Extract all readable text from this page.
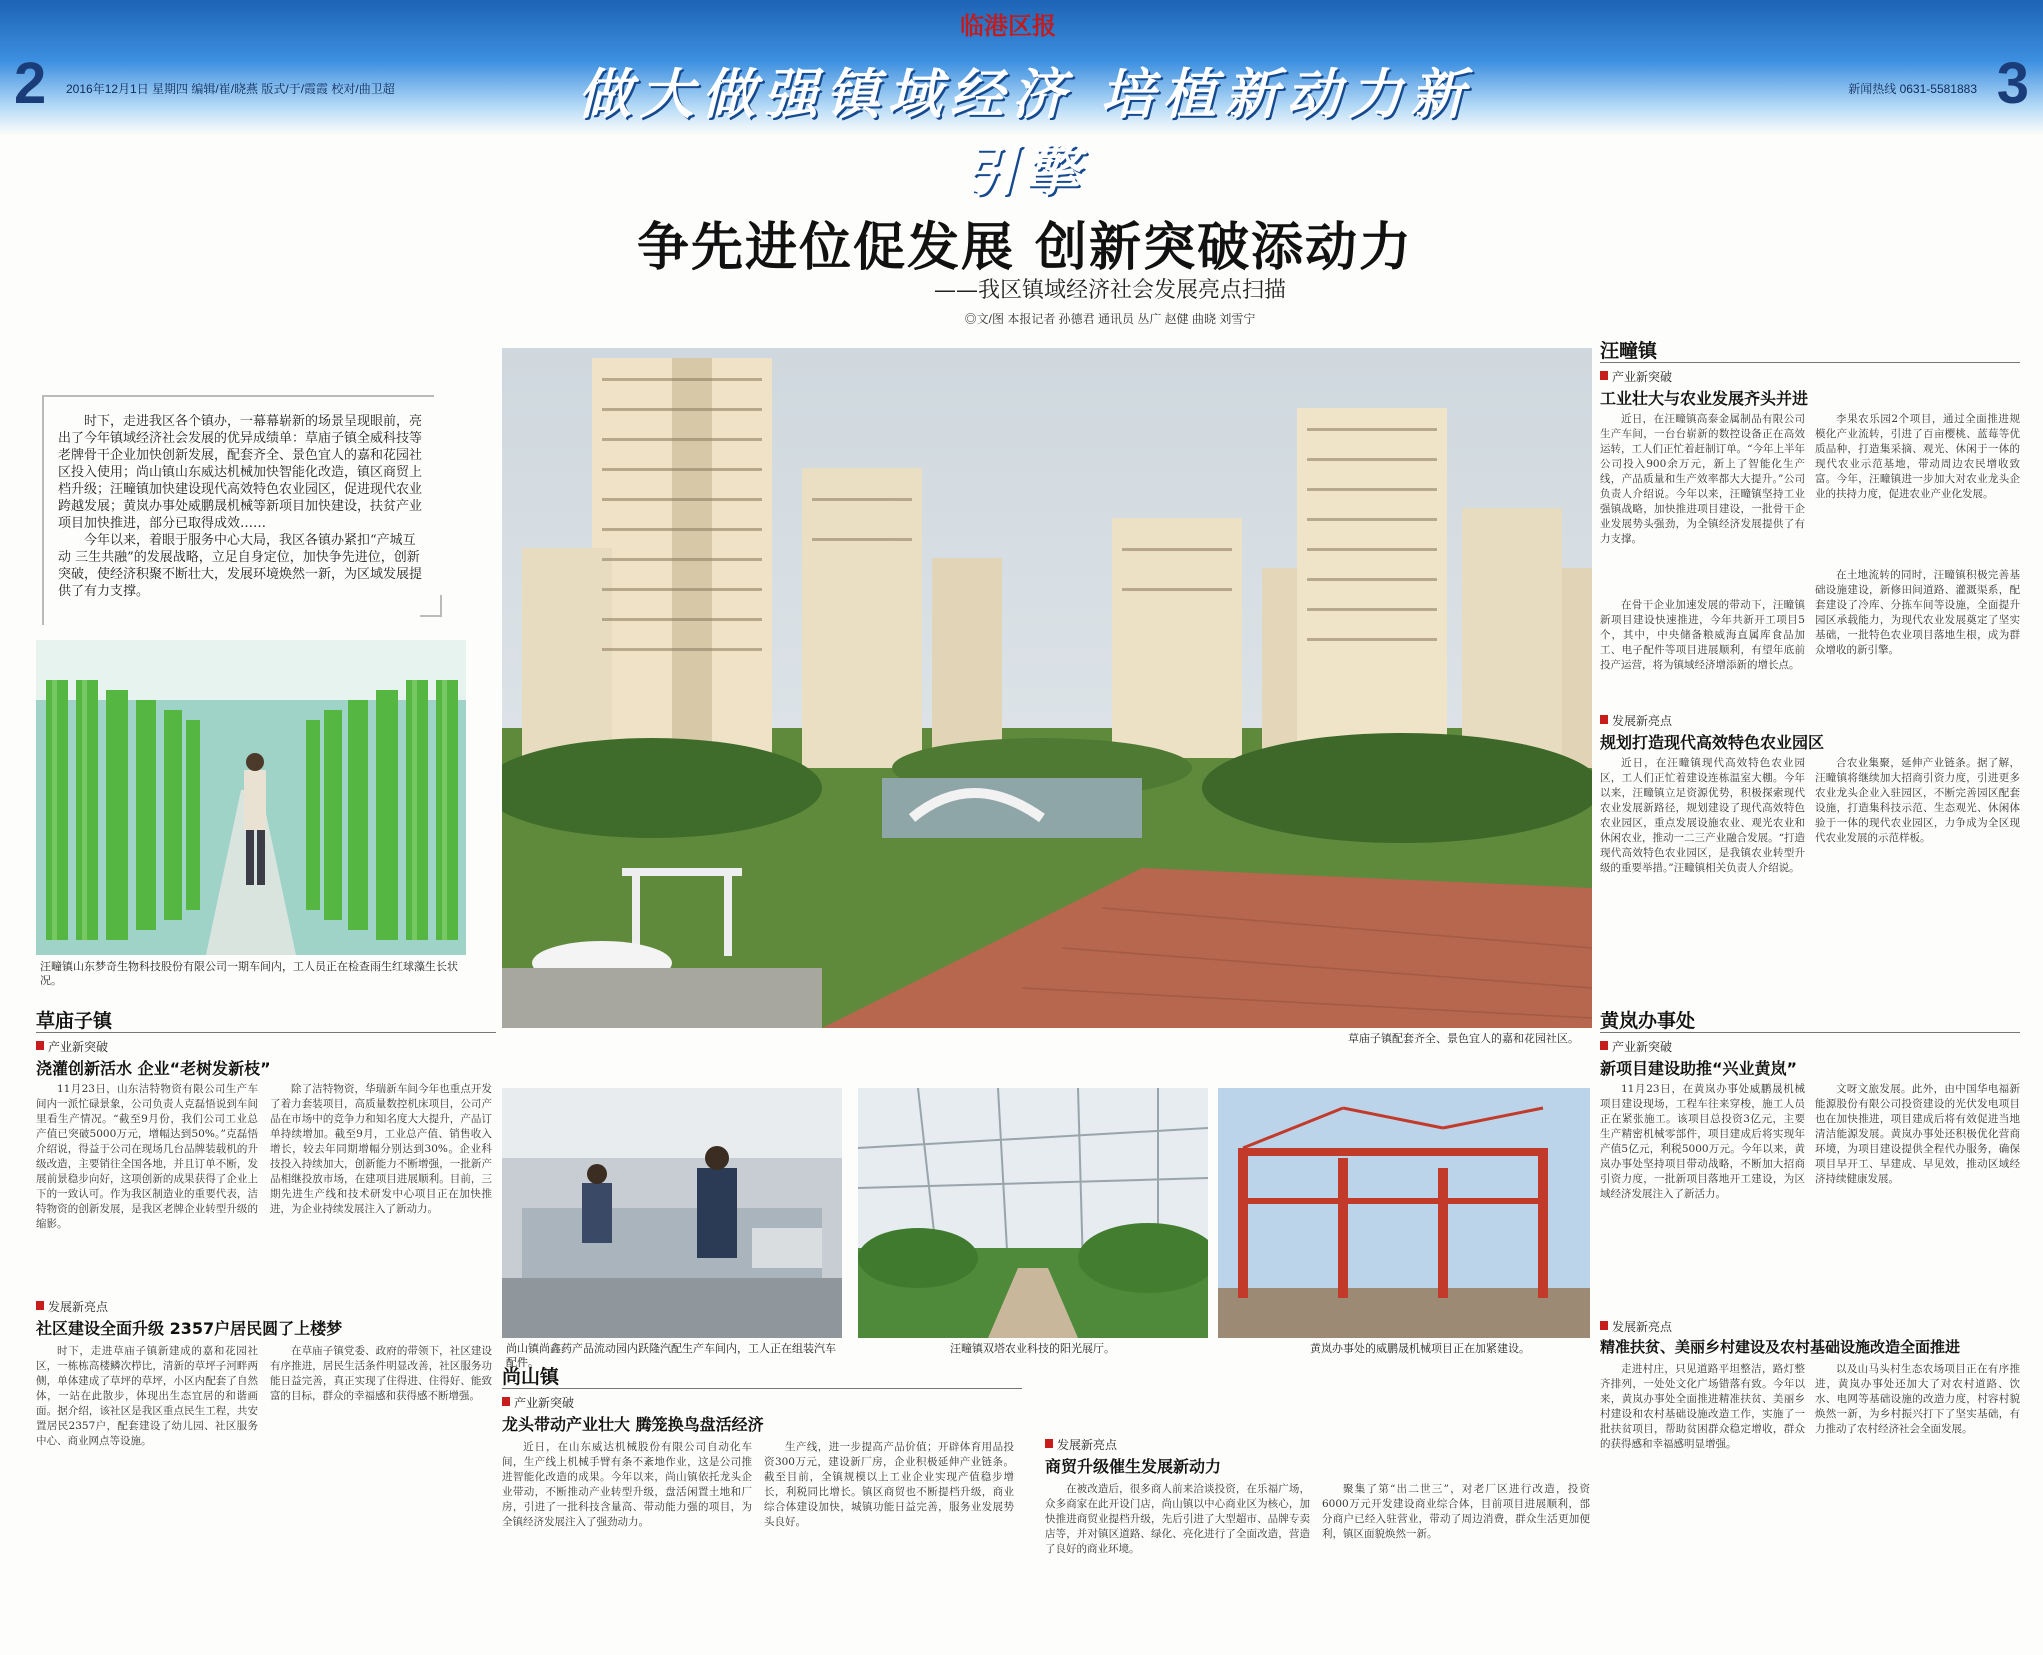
临港区报
2	3
2016年12月1日 星期四 编辑/崔/晓燕 版式/于/霞霞 校对/曲卫超	新闻热线 0631-5581883
做大做强镇域经济 培植新动力新引擎
争先进位促发展 创新突破添动力
——我区镇域经济社会发展亮点扫描
◎文/图 本报记者 孙德君 通讯员 丛广 赵健 曲晓 刘雪宁

时下，走进我区各个镇办，一幕幕崭新的场景呈现眼前，亮出了今年镇域经济社会发展的优异成绩单：草庙子镇全威科技等老牌骨干企业加快创新发展，配套齐全、景色宜人的嘉和花园社区投入使用；尚山镇山东威达机械加快智能化改造，镇区商贸上档升级；汪疃镇加快建设现代高效特色农业园区，促进现代农业跨越发展；黄岚办事处威鹏晟机械等新项目加快建设，扶贫产业项目加快推进，部分已取得成效……

今年以来，着眼于服务中心大局，我区各镇办紧扣“产城互动 三生共融”的发展战略，立足自身定位，加快争先进位，创新突破，使经济积聚不断壮大，发展环境焕然一新，为区域发展提供了有力支撑。

汪疃镇山东梦奇生物科技股份有限公司一期车间内，工人员正在检查雨生红球藻生长状况。
草庙子镇配套齐全、景色宜人的嘉和花园社区。
草庙子镇
产业新突破
浇灌创新活水 企业“老树发新枝”

11月23日，山东洁特物资有限公司生产车间内一派忙碌景象，公司负责人克磊悟说到车间里看生产情况。“截至9月份，我们公司工业总产值已突破5000万元，增幅达到50%。”克磊悟介绍说，得益于公司在现场几台品牌装载机的升级改造，主要销往全国各地，并且订单不断，发展前景稳步向好，这项创新的成果获得了企业上下的一致认可。作为我区制造业的重要代表，洁特物资的创新发展，是我区老牌企业转型升级的缩影。

除了洁特物资，华瑞新车间今年也重点开发了着力套装项目，高质量数控机床项目，公司产品在市场中的竞争力和知名度大大提升，产品订单持续增加。截至9月，工业总产值、销售收入增长，较去年同期增幅分别达到30%。企业科技投入持续加大，创新能力不断增强，一批新产品相继投放市场，在建项目进展顺利。目前，三期先进生产线和技术研发中心项目正在加快推进，为企业持续发展注入了新动力。

发展新亮点
社区建设全面升级 2357户居民圆了上楼梦

时下，走进草庙子镇新建成的嘉和花园社区，一栋栋高楼鳞次栉比，清新的草坪子河畔两侧，单体建成了草坪的草坪，小区内配套了自然体，一站在此散步，体现出生态宜居的和谐画面。据介绍，该社区是我区重点民生工程，共安置居民2357户，配套建设了幼儿园、社区服务中心、商业网点等设施。

在草庙子镇党委、政府的带领下，社区建设有序推进，居民生活条件明显改善，社区服务功能日益完善，真正实现了住得进、住得好、能致富的目标，群众的幸福感和获得感不断增强。

尚山镇尚鑫药产品流动园内跃隆汽配生产车间内，工人正在组装汽车配件。
汪疃镇双塔农业科技的阳光展厅。	黄岚办事处的威鹏晟机械项目正在加紧建设。
尚山镇
产业新突破
龙头带动产业壮大 腾笼换鸟盘活经济

近日，在山东威达机械股份有限公司自动化车间，生产线上机械手臂有条不紊地作业，这是公司推进智能化改造的成果。今年以来，尚山镇依托龙头企业带动，不断推动产业转型升级，盘活闲置土地和厂房，引进了一批科技含量高、带动能力强的项目，为全镇经济发展注入了强劲动力。

生产线，进一步提高产品价值；开辟体育用品投资300万元，建设新厂房，企业积极延伸产业链条。截至目前，全镇规模以上工业企业实现产值稳步增长，利税同比增长。镇区商贸也不断提档升级，商业综合体建设加快，城镇功能日益完善，服务业发展势头良好。

发展新亮点
商贸升级催生发展新动力

在被改造后，很多商人前来洽谈投资，在乐福广场，众多商家在此开设门店，尚山镇以中心商业区为核心，加快推进商贸业提档升级，先后引进了大型超市、品牌专卖店等，并对镇区道路、绿化、亮化进行了全面改造，营造了良好的商业环境。

聚集了第“出二世三”，对老厂区进行改造，投资6000万元开发建设商业综合体，目前项目进展顺利，部分商户已经入驻营业，带动了周边消费，群众生活更加便利，镇区面貌焕然一新。

汪疃镇
产业新突破
工业壮大与农业发展齐头并进

近日，在汪疃镇高泰金属制品有限公司生产车间，一台台崭新的数控设备正在高效运转，工人们正忙着赶制订单。“今年上半年公司投入900余万元，新上了智能化生产线，产品质量和生产效率都大大提升。”公司负责人介绍说。今年以来，汪疃镇坚持工业强镇战略，加快推进项目建设，一批骨干企业发展势头强劲，为全镇经济发展提供了有力支撑。

在骨干企业加速发展的带动下，汪疃镇新项目建设快速推进，今年共新开工项目5个，其中，中央储备粮威海直属库食品加工、电子配件等项目进展顺利，有望年底前投产运营，将为镇域经济增添新的增长点。

李果农乐园2个项目，通过全面推进规模化产业流转，引进了百亩樱桃、蓝莓等优质品种，打造集采摘、观光、休闲于一体的现代农业示范基地，带动周边农民增收致富。今年，汪疃镇进一步加大对农业龙头企业的扶持力度，促进农业产业化发展。

在土地流转的同时，汪疃镇积极完善基础设施建设，新修田间道路、灌溉渠系，配套建设了冷库、分拣车间等设施，全面提升园区承载能力，为现代农业发展奠定了坚实基础，一批特色农业项目落地生根，成为群众增收的新引擎。

发展新亮点
规划打造现代高效特色农业园区

近日，在汪疃镇现代高效特色农业园区，工人们正忙着建设连栋温室大棚。今年以来，汪疃镇立足资源优势，积极探索现代农业发展新路径，规划建设了现代高效特色农业园区，重点发展设施农业、观光农业和休闲农业，推动一二三产业融合发展。“打造现代高效特色农业园区，是我镇农业转型升级的重要举措。”汪疃镇相关负责人介绍说。

合农业集聚，延伸产业链条。据了解，汪疃镇将继续加大招商引资力度，引进更多农业龙头企业入驻园区，不断完善园区配套设施，打造集科技示范、生态观光、休闲体验于一体的现代农业园区，力争成为全区现代农业发展的示范样板。

黄岚办事处
产业新突破
新项目建设助推“兴业黄岚”

11月23日，在黄岚办事处威鹏晟机械项目建设现场，工程车往来穿梭，施工人员正在紧张施工。该项目总投资3亿元，主要生产精密机械零部件，项目建成后将实现年产值5亿元，利税5000万元。今年以来，黄岚办事处坚持项目带动战略，不断加大招商引资力度，一批新项目落地开工建设，为区域经济发展注入了新活力。

文呀文旅发展。此外，由中国华电福新能源股份有限公司投资建设的光伏发电项目也在加快推进，项目建成后将有效促进当地清洁能源发展。黄岚办事处还积极优化营商环境，为项目建设提供全程代办服务，确保项目早开工、早建成、早见效，推动区域经济持续健康发展。

发展新亮点
精准扶贫、美丽乡村建设及农村基础设施改造全面推进

走进村庄，只见道路平坦整洁，路灯整齐排列，一处处文化广场错落有致。今年以来，黄岚办事处全面推进精准扶贫、美丽乡村建设和农村基础设施改造工作，实施了一批扶贫项目，帮助贫困群众稳定增收，群众的获得感和幸福感明显增强。

以及山马头村生态农场项目正在有序推进，黄岚办事处还加大了对农村道路、饮水、电网等基础设施的改造力度，村容村貌焕然一新，为乡村振兴打下了坚实基础，有力推动了农村经济社会全面发展。
